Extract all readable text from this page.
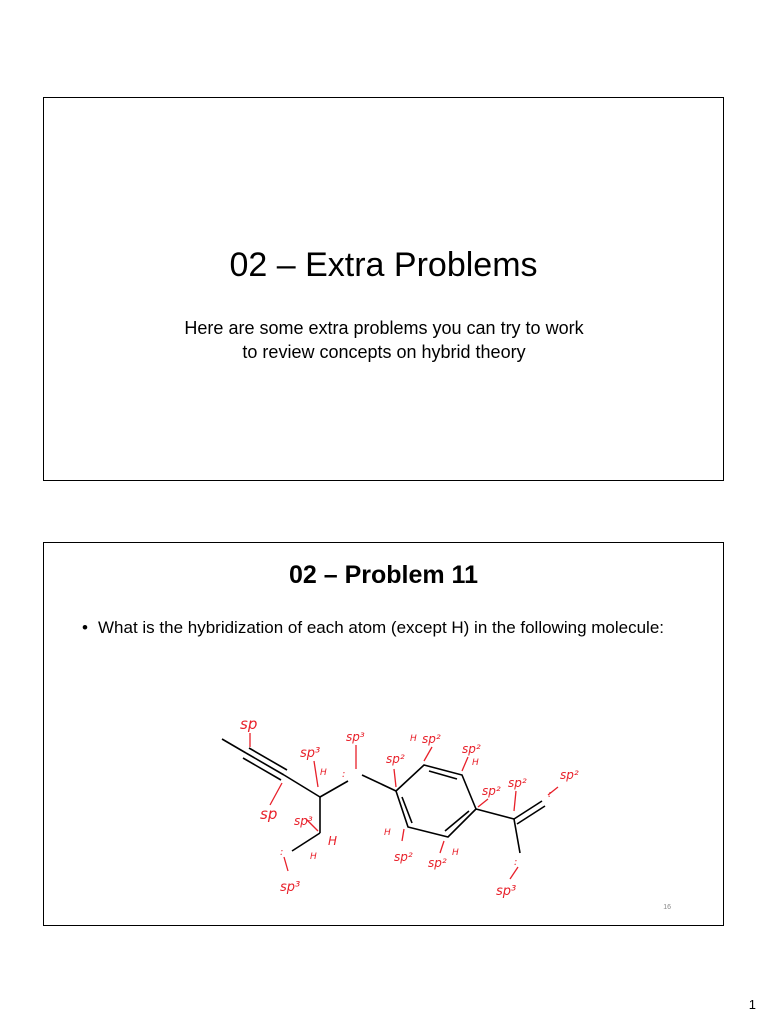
02 – Extra Problems
Here are some extra problems you can try to work
to review concepts on hybrid theory
02 – Problem 11
• What is the hybridization of each atom (except H) in the following molecule:
sp
sp³
H
sp
sp³
:
sp³
H
H
:
sp³
sp²
sp²
H
sp²
H
sp²
H
sp² sp²
H
sp²
:
sp²
:
sp³
16
1
